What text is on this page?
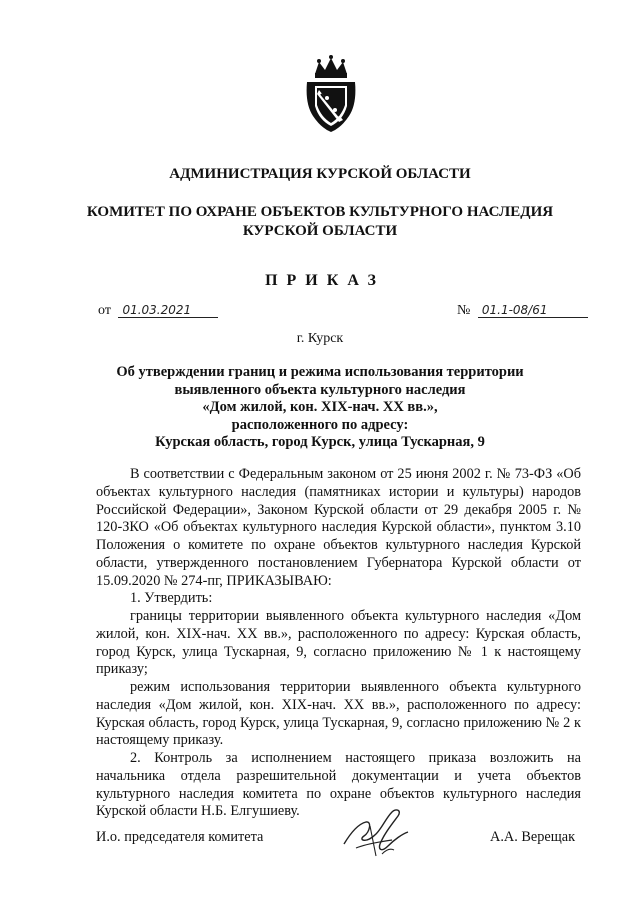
АДМИНИСТРАЦИЯ КУРСКОЙ ОБЛАСТИ
КОМИТЕТ ПО ОХРАНЕ ОБЪЕКТОВ КУЛЬТУРНОГО НАСЛЕДИЯ
КУРСКОЙ ОБЛАСТИ
ПРИКАЗ
от 01.03.2021	№ 01.1-08/61
г. Курск
Об утверждении границ и режима использования территории
выявленного объекта культурного наследия
«Дом жилой, кон. XIX-нач. XX вв.»,
расположенного по адресу:
Курская область, город Курск, улица Тускарная, 9

В соответствии с Федеральным законом от 25 июня 2002 г. № 73-ФЗ «Об объектах культурного наследия (памятниках истории и культуры) народов Российской Федерации», Законом Курской области от 29 декабря 2005 г. № 120-ЗКО «Об объектах культурного наследия Курской области», пунктом 3.10 Положения о комитете по охране объектов культурного наследия Курской области, утвержденного постановлением Губернатора Курской области от 15.09.2020 № 274-пг, ПРИКАЗЫВАЮ:

1. Утвердить:

границы территории выявленного объекта культурного наследия «Дом жилой, кон. XIX-нач. XX вв.», расположенного по адресу: Курская область, город Курск, улица Тускарная, 9, согласно приложению № 1 к настоящему приказу;

режим использования территории выявленного объекта культурного наследия «Дом жилой, кон. XIX-нач. XX вв.», расположенного по адресу: Курская область, город Курск, улица Тускарная, 9, согласно приложению № 2 к настоящему приказу.

2. Контроль за исполнением настоящего приказа возложить на начальника отдела разрешительной документации и учета объектов культурного наследия комитета по охране объектов культурного наследия Курской области Н.Б. Елгушиеву.

И.о. председателя комитета	А.А. Верещак
